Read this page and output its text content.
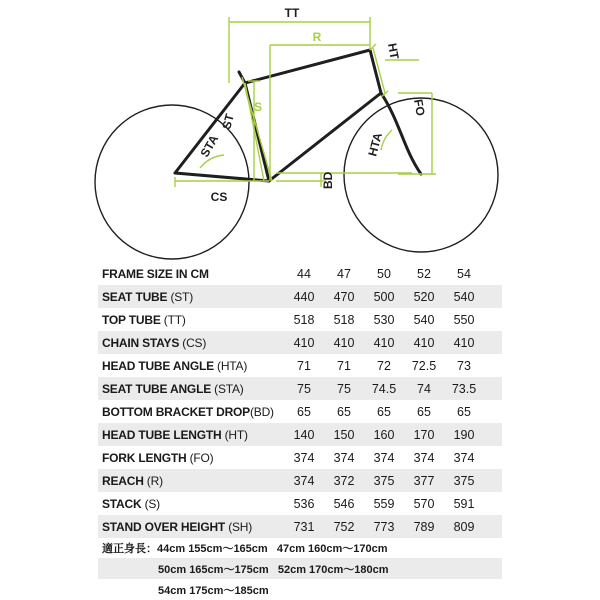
TT
R
HT
S
ST
STA
FO
HTA
BD
CS
FRAME SIZE IN CM	44	47	50	52	54
SEAT TUBE (ST)	440	470	500	520	540
TOP TUBE (TT)	518	518	530	540	550
CHAIN STAYS (CS)	410	410	410	410	410
HEAD TUBE ANGLE (HTA)	71	71	72	72.5	73
SEAT TUBE ANGLE (STA)	75	75	74.5	74	73.5
BOTTOM BRACKET DROP(BD)	65	65	65	65	65
HEAD TUBE LENGTH (HT)	140	150	160	170	190
FORK LENGTH (FO)	374	374	374	374	374
REACH (R)	374	372	375	377	375
STACK (S)	536	546	559	570	591
STAND OVER HEIGHT (SH)	731	752	773	789	809
適正身長：44cm 155cm〜165cm   47cm 160cm〜170cm
50cm 165cm〜175cm   52cm 170cm〜180cm
54cm 175cm〜185cm
